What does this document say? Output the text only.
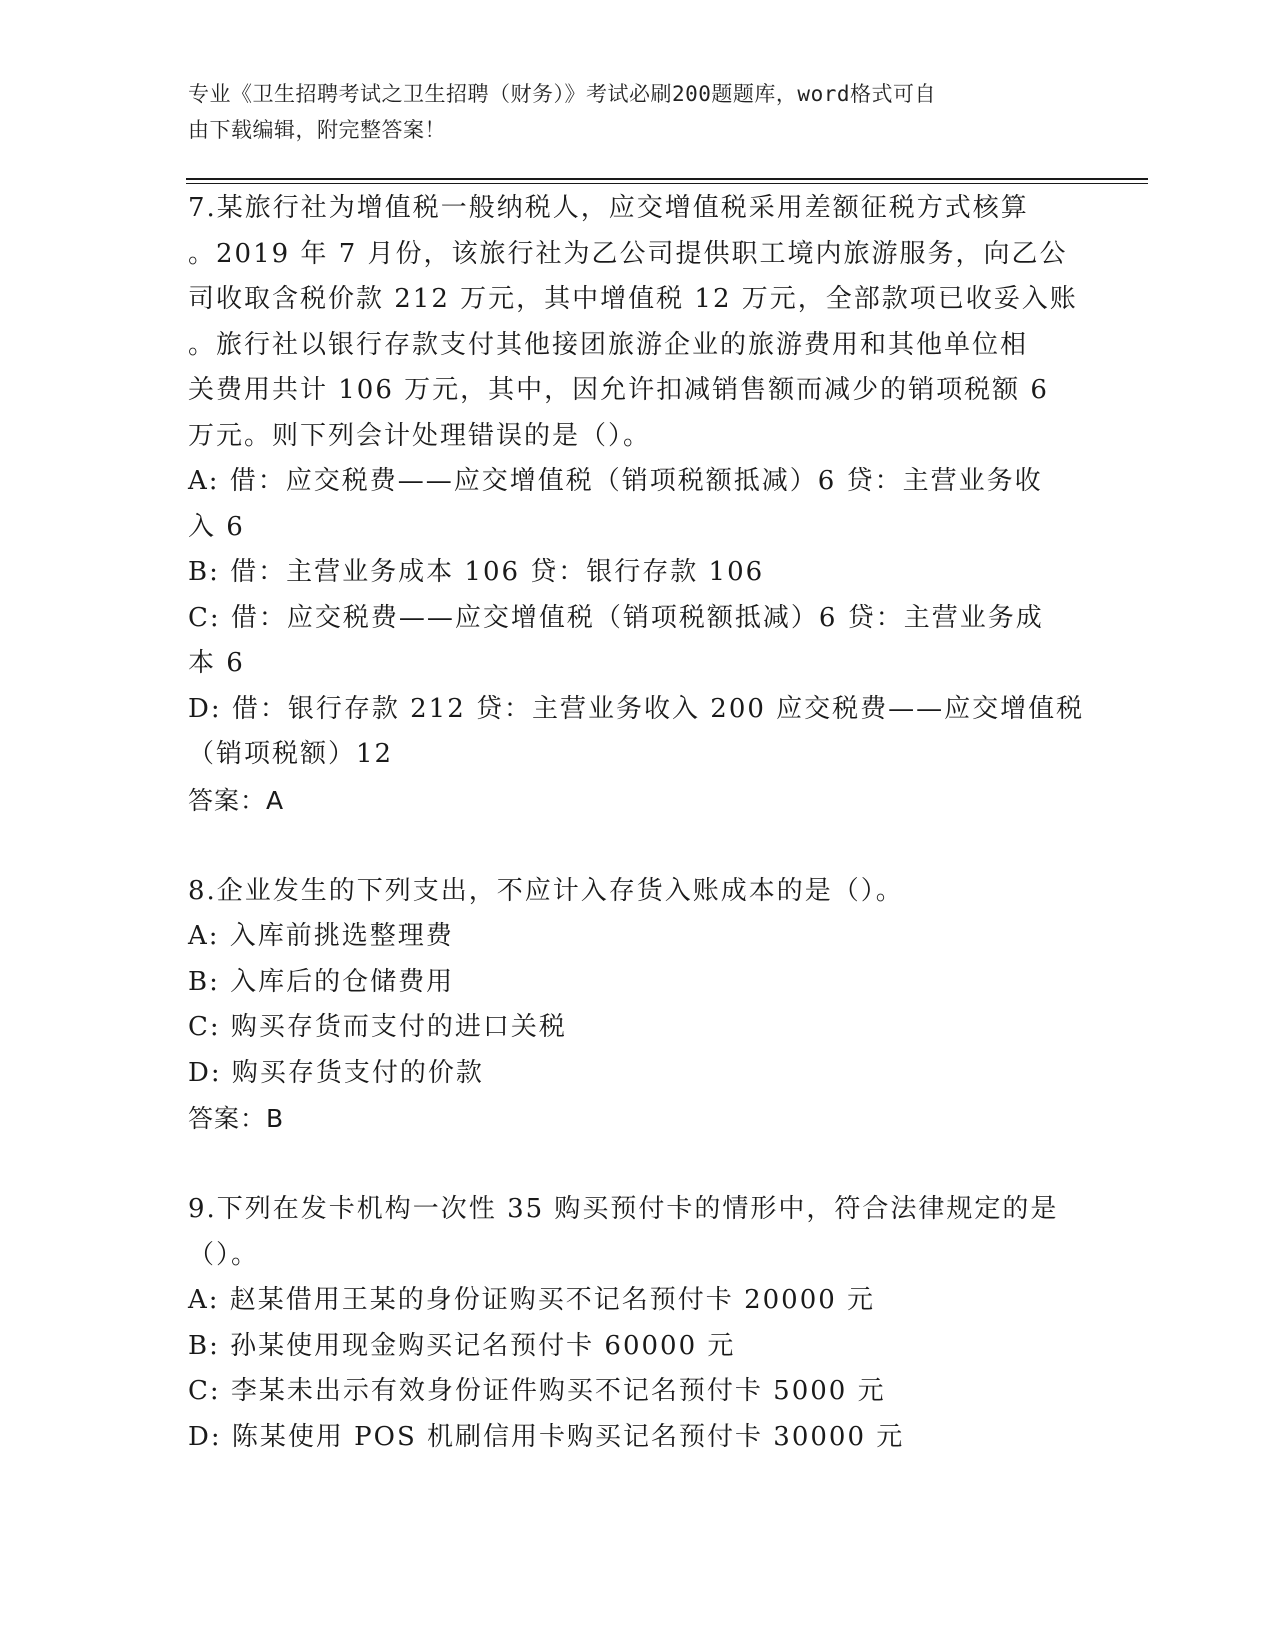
专业《卫生招聘考试之卫生招聘（财务）》考试必刷200题题库，word格式可自
由下载编辑，附完整答案！
7.某旅行社为增值税一般纳税人，应交增值税采用差额征税方式核算
。2019 年 7 月份，该旅行社为乙公司提供职工境内旅游服务，向乙公
司收取含税价款 212 万元，其中增值税 12 万元，全部款项已收妥入账
。旅行社以银行存款支付其他接团旅游企业的旅游费用和其他单位相
关费用共计 106 万元，其中，因允许扣减销售额而减少的销项税额 6
万元。则下列会计处理错误的是（）。
A: 借：应交税费——应交增值税（销项税额抵减）6 贷：主营业务收
入 6
B: 借：主营业务成本 106 贷：银行存款 106
C: 借：应交税费——应交增值税（销项税额抵减）6 贷：主营业务成
本 6
D: 借：银行存款 212 贷：主营业务收入 200 应交税费——应交增值税
（销项税额）12
答案：A
8.企业发生的下列支出，不应计入存货入账成本的是（）。
A: 入库前挑选整理费
B: 入库后的仓储费用
C: 购买存货而支付的进口关税
D: 购买存货支付的价款
答案：B
9.下列在发卡机构一次性 35 购买预付卡的情形中，符合法律规定的是
（）。
A: 赵某借用王某的身份证购买不记名预付卡 20000 元
B: 孙某使用现金购买记名预付卡 60000 元
C: 李某未出示有效身份证件购买不记名预付卡 5000 元
D: 陈某使用 POS 机刷信用卡购买记名预付卡 30000 元
